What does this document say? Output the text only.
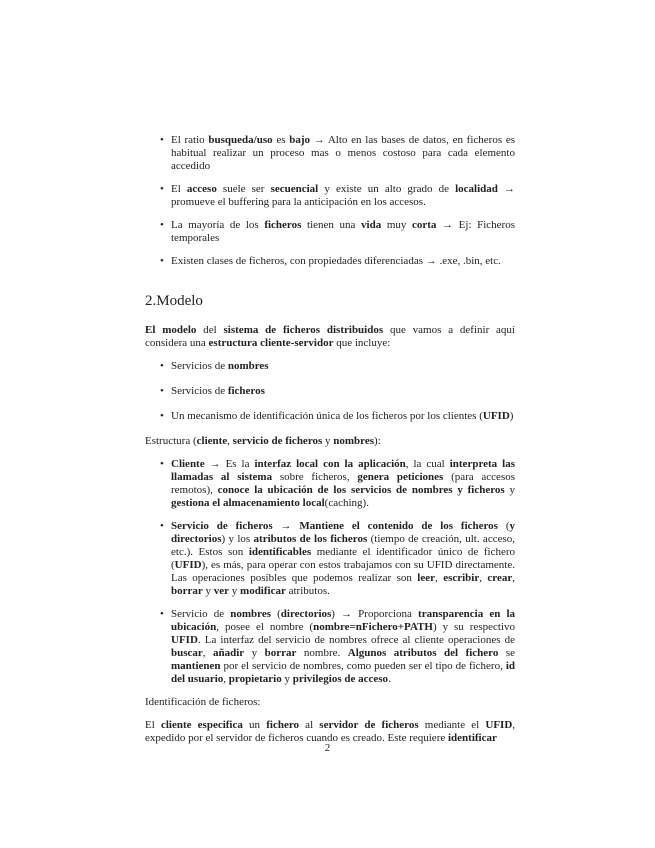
• El ratio busqueda/uso es bajo → Alto en las bases de datos, en ficheros es habitual realizar un proceso mas o menos costoso para cada elemento accedido
• El acceso suele ser secuencial y existe un alto grado de localidad → promueve el buffering para la anticipación en los accesos.
• La mayoría de los ficheros tienen una vida muy corta → Ej: Ficheros temporales
• Existen clases de ficheros, con propiedades diferenciadas → .exe, .bin, etc.
2.Modelo

El modelo del sistema de ficheros distribuidos que vamos a definir aquí considera una estructura cliente-servidor que incluye:

• Servicios de nombres
• Servicios de ficheros
• Un mecanismo de identificación única de los ficheros por los clientes (UFID)

Estructura (cliente, servicio de ficheros y nombres):

• Cliente → Es la interfaz local con la aplicación, la cual interpreta las llamadas al sistema sobre ficheros, genera peticiones (para accesos remotos), conoce la ubicación de los servicios de nombres y ficheros y gestiona el almacenamiento local(caching).
• Servicio de ficheros → Mantiene el contenido de los ficheros (y directorios) y los atributos de los ficheros (tiempo de creación, ult. acceso, etc.). Estos son identificables mediante el identificador único de fichero (UFID), es más, para operar con estos trabajamos con su UFID directamente. Las operaciones posibles que podemos realizar son leer, escribir, crear, borrar y ver y modificar atributos.
• Servicio de nombres (directorios) → Proporciona transparencia en la ubicación, posee el nombre (nombre=nFichero+PATH) y su respectivo UFID. La interfaz del servicio de nombres ofrece al cliente operaciones de buscar, añadir y borrar nombre. Algunos atributos del fichero se mantienen por el servicio de nombres, como pueden ser el tipo de fichero, id del usuario, propietario y privilegios de acceso.

Identificación de ficheros:

El cliente especifica un fichero al servidor de ficheros mediante el UFID, expedido por el servidor de ficheros cuando es creado. Este requiere identificar

2
